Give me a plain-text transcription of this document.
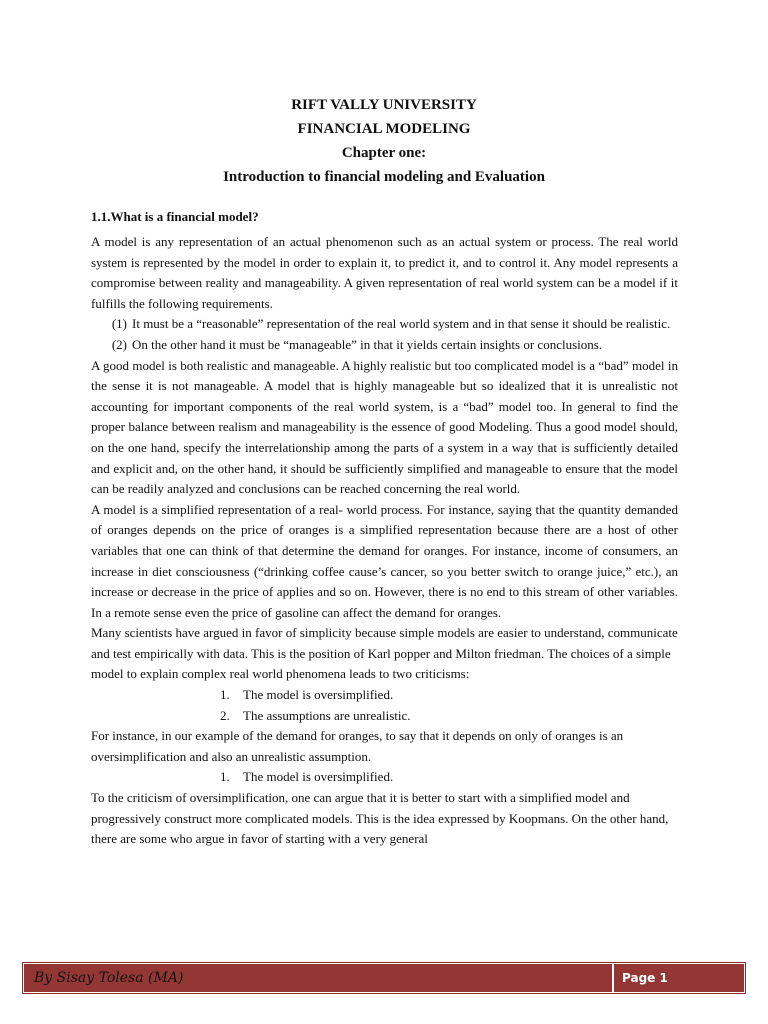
RIFT VALLY UNIVERSITY
FINANCIAL MODELING
Chapter one:
Introduction to financial modeling and Evaluation
1.1.What is a financial model?

A model is any representation of an actual phenomenon such as an actual system or process. The real world system is represented by the model in order to explain it, to predict it, and to control it. Any model represents a compromise between reality and manageability. A given representation of real world system can be a model if it fulfills the following requirements.

(1) It must be a “reasonable” representation of the real world system and in that sense it should be realistic.
(2) On the other hand it must be “manageable” in that it yields certain insights or conclusions.

A good model is both realistic and manageable. A highly realistic but too complicated model is a “bad” model in the sense it is not manageable. A model that is highly manageable but so idealized that it is unrealistic not accounting for important components of the real world system, is a “bad” model too. In general to find the proper balance between realism and manageability is the essence of good Modeling. Thus a good model should, on the one hand, specify the interrelationship among the parts of a system in a way that is sufficiently detailed and explicit and, on the other hand, it should be sufficiently simplified and manageable to ensure that the model can be readily analyzed and conclusions can be reached concerning the real world.

A model is a simplified representation of a real- world process. For instance, saying that the quantity demanded of oranges depends on the price of oranges is a simplified representation because there are a host of other variables that one can think of that determine the demand for oranges. For instance, income of consumers, an increase in diet consciousness (“drinking coffee cause’s cancer, so you better switch to orange juice,” etc.), an increase or decrease in the price of applies and so on. However, there is no end to this stream of other variables. In a remote sense even the price of gasoline can affect the demand for oranges.

Many scientists have argued in favor of simplicity because simple models are easier to understand, communicate and test empirically with data. This is the position of Karl popper and Milton friedman. The choices of a simple model to explain complex real world phenomena leads to two criticisms:

1.	The model is oversimplified.
2.	The assumptions are unrealistic.

For instance, in our example of the demand for oranges, to say that it depends on only of oranges is an oversimplification and also an unrealistic assumption.

1.	The model is oversimplified.

To the criticism of oversimplification, one can argue that it is better to start with a simplified model and progressively construct more complicated models. This is the idea expressed by Koopmans. On the other hand, there are some who argue in favor of starting with a very general

By Sisay Tolesa (MA)	Page 1
